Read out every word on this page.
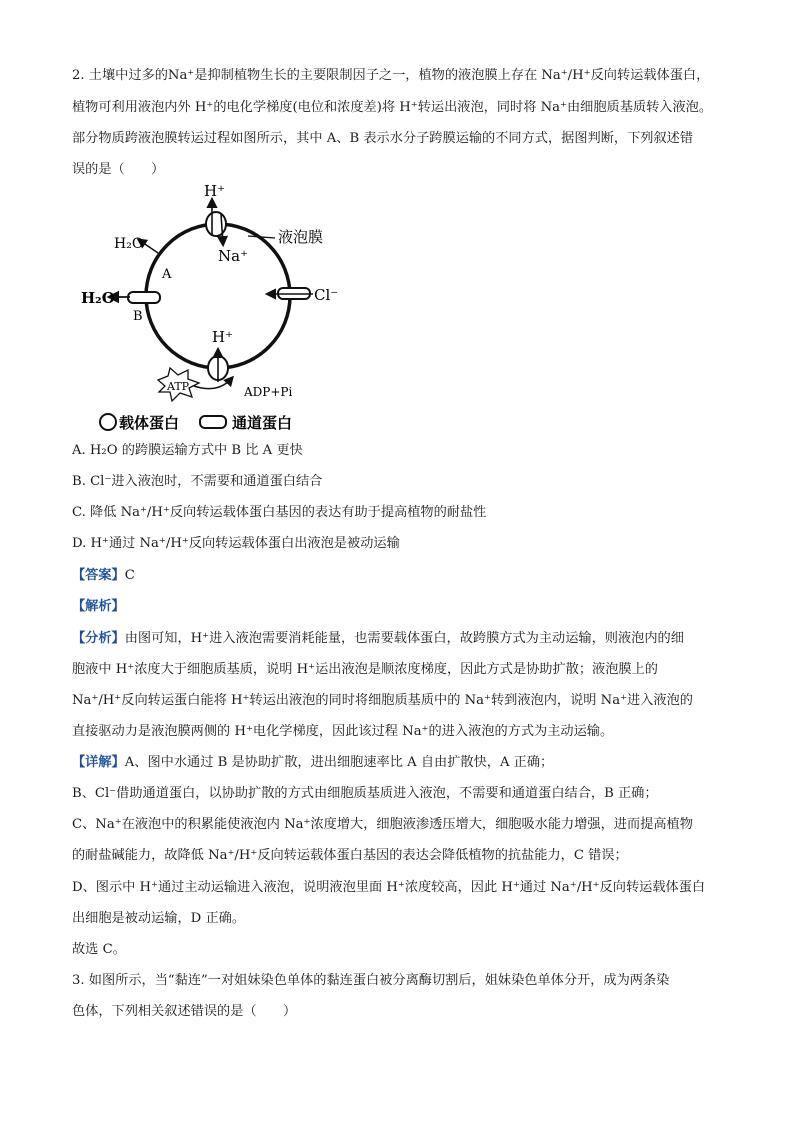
2. 土壤中过多的Na⁺是抑制植物生长的主要限制因子之一，植物的液泡膜上存在 Na⁺/H⁺反向转运载体蛋白，
植物可利用液泡内外 H⁺的电化学梯度(电位和浓度差)将 H⁺转运出液泡，同时将 Na⁺由细胞质基质转入液泡。
部分物质跨液泡膜转运过程如图所示，其中 A、B 表示水分子跨膜运输的不同方式，据图判断，下列叙述错
误的是（　　）
H⁺
Na⁺
液泡膜
H₂O
A
H₂O
B
Cl⁻
H⁺
ATP	ADP+Pi
载体蛋白	通道蛋白
A. H₂O 的跨膜运输方式中 B 比 A 更快
B. Cl⁻进入液泡时，不需要和通道蛋白结合
C. 降低 Na⁺/H⁺反向转运载体蛋白基因的表达有助于提高植物的耐盐性
D. H⁺通过 Na⁺/H⁺反向转运载体蛋白出液泡是被动运输
【答案】C
【解析】
【分析】由图可知，H⁺进入液泡需要消耗能量，也需要载体蛋白，故跨膜方式为主动运输，则液泡内的细
胞液中 H⁺浓度大于细胞质基质，说明 H⁺运出液泡是顺浓度梯度，因此方式是协助扩散；液泡膜上的
Na⁺/H⁺反向转运蛋白能将 H⁺转运出液泡的同时将细胞质基质中的 Na⁺转到液泡内，说明 Na⁺进入液泡的
直接驱动力是液泡膜两侧的 H⁺电化学梯度，因此该过程 Na⁺的进入液泡的方式为主动运输。
【详解】A、图中水通过 B 是协助扩散，进出细胞速率比 A 自由扩散快，A 正确；
B、Cl⁻借助通道蛋白，以协助扩散的方式由细胞质基质进入液泡，不需要和通道蛋白结合，B 正确；
C、Na⁺在液泡中的积累能使液泡内 Na⁺浓度增大，细胞液渗透压增大，细胞吸水能力增强，进而提高植物
的耐盐碱能力，故降低 Na⁺/H⁺反向转运载体蛋白基因的表达会降低植物的抗盐能力，C 错误；
D、图示中 H⁺通过主动运输进入液泡，说明液泡里面 H⁺浓度较高，因此 H⁺通过 Na⁺/H⁺反向转运载体蛋白
出细胞是被动运输，D 正确。
故选 C。
3. 如图所示，当“黏连”一对姐妹染色单体的黏连蛋白被分离酶切割后，姐妹染色单体分开，成为两条染
色体，下列相关叙述错误的是（　　）
